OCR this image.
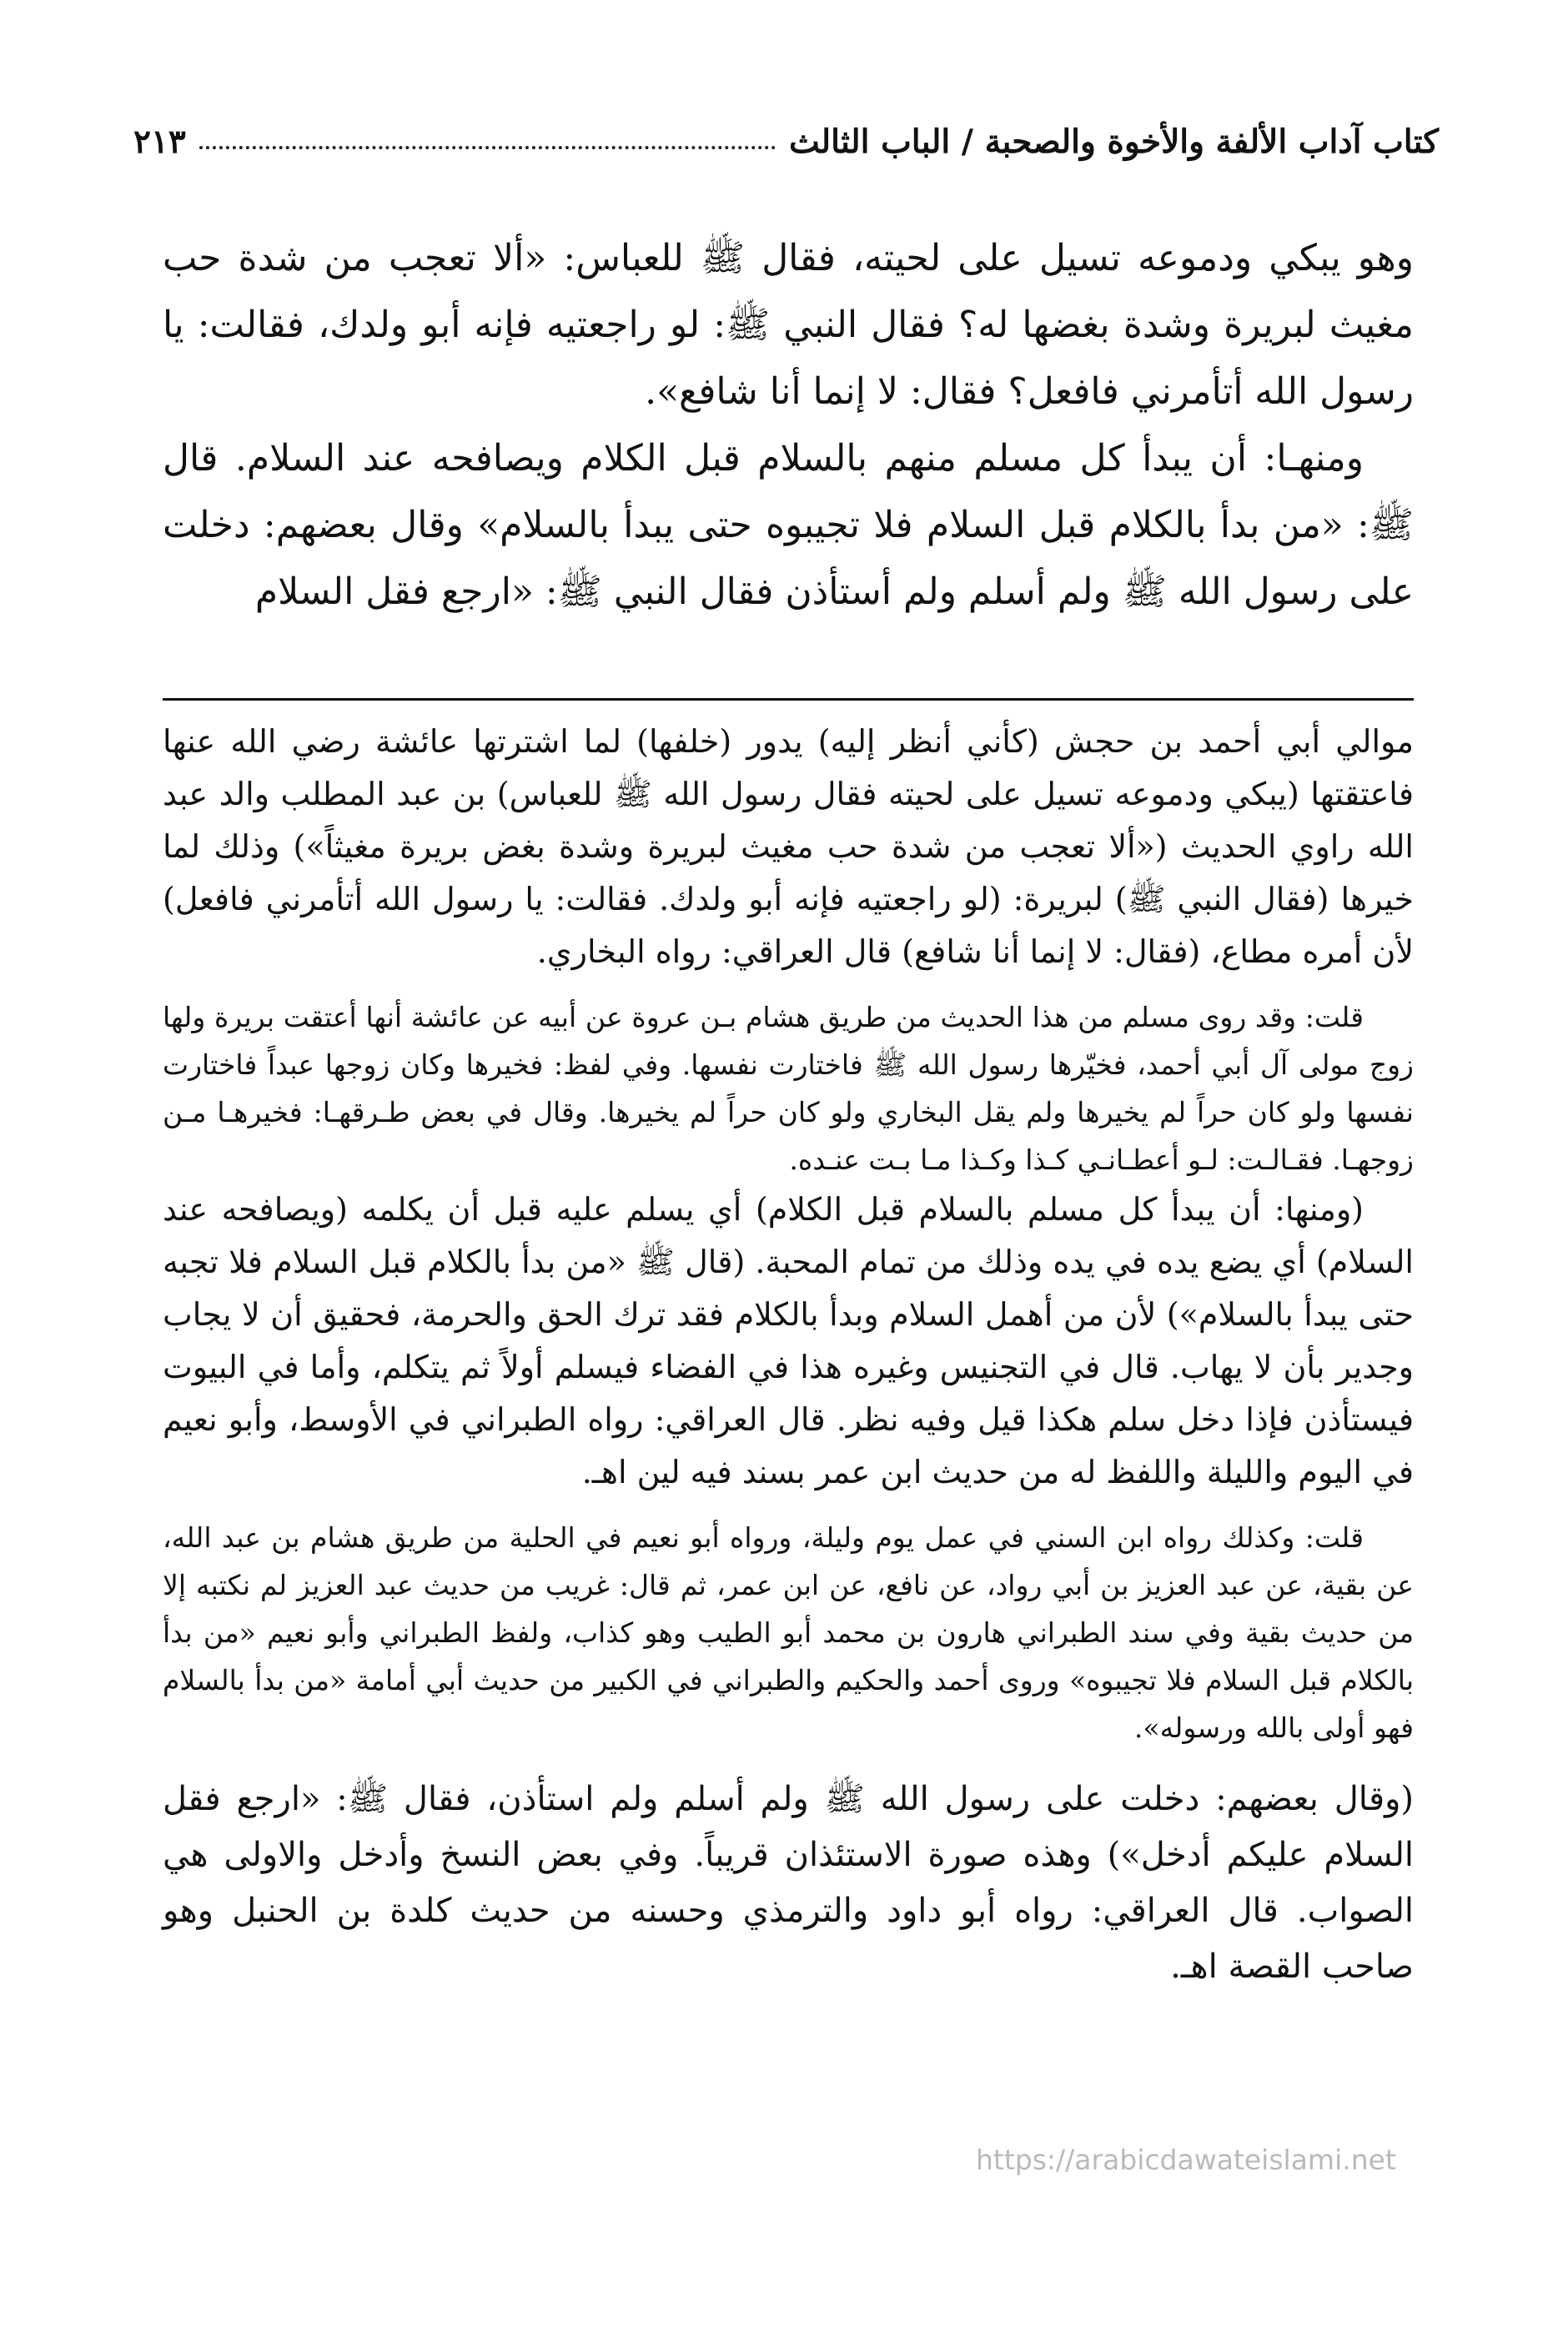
كتاب آداب الألفة والأخوة والصحبة / الباب الثالث
٢١٣

وهو يبكي ودموعه تسيل على لحيته، فقال ﷺ للعباس: «ألا تعجب من شدة حب مغيث لبريرة وشدة بغضها له؟ فقال النبي ﷺ: لو راجعتيه فإنه أبو ولدك، فقالت: يا رسول الله أتأمرني فافعل؟ فقال: لا إنما أنا شافع».

ومنهـا: أن يبدأ كل مسلم منهم بالسلام قبل الكلام ويصافحه عند السلام. قال ﷺ: «من بدأ بالكلام قبل السلام فلا تجيبوه حتى يبدأ بالسلام» وقال بعضهم: دخلت على رسول الله ﷺ ولم أسلم ولم أستأذن فقال النبي ﷺ: «ارجع فقل السلام

موالي أبي أحمد بن حجش (كأني أنظر إليه) يدور (خلفها) لما اشترتها عائشة رضي الله عنها فاعتقتها (يبكي ودموعه تسيل على لحيته فقال رسول الله ﷺ للعباس) بن عبد المطلب والد عبد الله راوي الحديث («ألا تعجب من شدة حب مغيث لبريرة وشدة بغض بريرة مغيثاً») وذلك لما خيرها (فقال النبي ﷺ) لبريرة: (لو راجعتيه فإنه أبو ولدك. فقالت: يا رسول الله أتأمرني فافعل) لأن أمره مطاع، (فقال: لا إنما أنا شافع) قال العراقي: رواه البخاري.

قلت: وقد روى مسلم من هذا الحديث من طريق هشام بـن عروة عن أبيه عن عائشة أنها أعتقت بريرة ولها زوج مولى آل أبي أحمد، فخيّرها رسول الله ﷺ فاختارت نفسها. وفي لفظ: فخيرها وكان زوجها عبداً فاختارت نفسها ولو كان حراً لم يخيرها ولم يقل البخاري ولو كان حراً لم يخيرها. وقال في بعض طـرقهـا: فخيرهـا مـن زوجهـا. فقـالـت: لـو أعطـانـي كـذا وكـذا مـا بـت عنـده.

(ومنها: أن يبدأ كل مسلم بالسلام قبل الكلام) أي يسلم عليه قبل أن يكلمه (ويصافحه عند السلام) أي يضع يده في يده وذلك من تمام المحبة. (قال ﷺ «من بدأ بالكلام قبل السلام فلا تجبه حتى يبدأ بالسلام») لأن من أهمل السلام وبدأ بالكلام فقد ترك الحق والحرمة، فحقيق أن لا يجاب وجدير بأن لا يهاب. قال في التجنيس وغيره هذا في الفضاء فيسلم أولاً ثم يتكلم، وأما في البيوت فيستأذن فإذا دخل سلم هكذا قيل وفيه نظر. قال العراقي: رواه الطبراني في الأوسط، وأبو نعيم في اليوم والليلة واللفظ له من حديث ابن عمر بسند فيه لين اهـ.

قلت: وكذلك رواه ابن السني في عمل يوم وليلة، ورواه أبو نعيم في الحلية من طريق هشام بن عبد الله، عن بقية، عن عبد العزيز بن أبي رواد، عن نافع، عن ابن عمر، ثم قال: غريب من حديث عبد العزيز لم نكتبه إلا من حديث بقية وفي سند الطبراني هارون بن محمد أبو الطيب وهو كذاب، ولفظ الطبراني وأبو نعيم «من بدأ بالكلام قبل السلام فلا تجيبوه» وروى أحمد والحكيم والطبراني في الكبير من حديث أبي أمامة «من بدأ بالسلام فهو أولى بالله ورسوله».

(وقال بعضهم: دخلت على رسول الله ﷺ ولم أسلم ولم استأذن، فقال ﷺ: «ارجع فقل السلام عليكم أدخل») وهذه صورة الاستئذان قريباً. وفي بعض النسخ وأدخل والاولى هي الصواب. قال العراقي: رواه أبو داود والترمذي وحسنه من حديث كلدة بن الحنبل وهو صاحب القصة اهـ.

https://arabicdawateislami.net
